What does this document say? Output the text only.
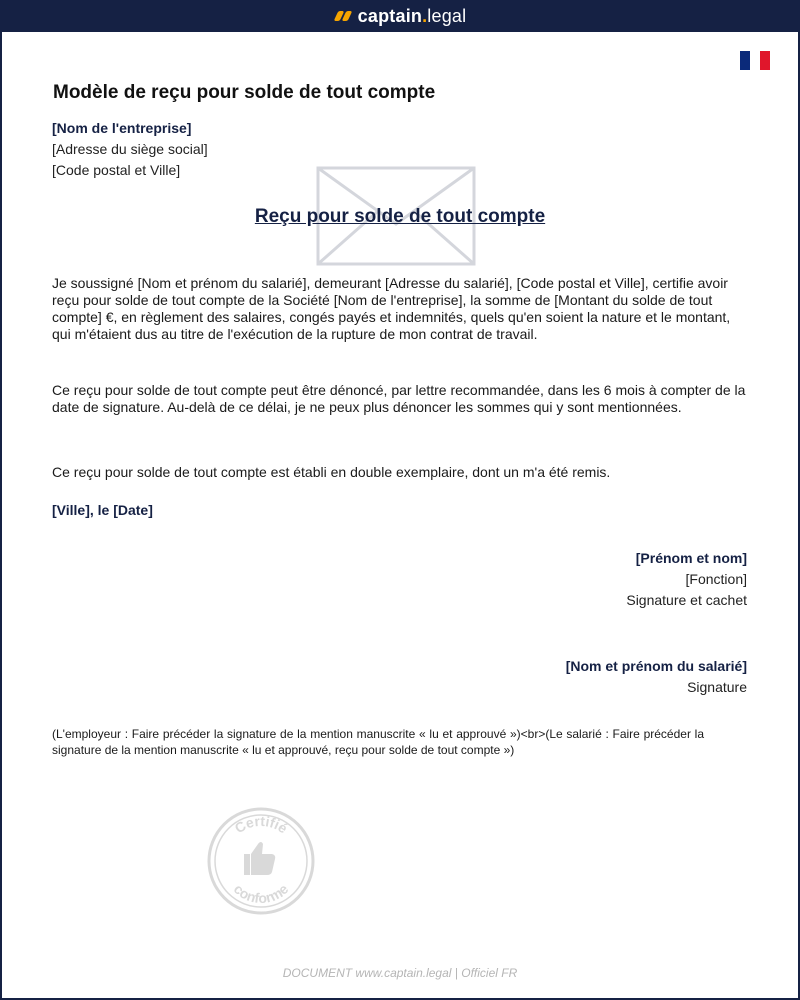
captain.legal
Modèle de reçu pour solde de tout compte
[Nom de l'entreprise]
[Adresse du siège social]
[Code postal et Ville]
Reçu pour solde de tout compte

Je soussigné [Nom et prénom du salarié], demeurant [Adresse du salarié], [Code postal et Ville], certifie avoir reçu pour solde de tout compte de la Société [Nom de l'entreprise], la somme de [Montant du solde de tout compte] €, en règlement des salaires, congés payés et indemnités, quels qu'en soient la nature et le montant, qui m'étaient dus au titre de l'exécution de la rupture de mon contrat de travail.

Ce reçu pour solde de tout compte peut être dénoncé, par lettre recommandée, dans les 6 mois à compter de la date de signature. Au-delà de ce délai, je ne peux plus dénoncer les sommes qui y sont mentionnées.

Ce reçu pour solde de tout compte est établi en double exemplaire, dont un m'a été remis.

[Ville], le [Date]
[Prénom et nom]
[Fonction]
Signature et cachet
[Nom et prénom du salarié]
Signature

(L'employeur : Faire précéder la signature de la mention manuscrite « lu et approuvé »)<br>(Le salarié : Faire précéder la signature de la mention manuscrite « lu et approuvé, reçu pour solde de tout compte »)

Certifié
conforme
DOCUMENT www.captain.legal | Officiel FR
